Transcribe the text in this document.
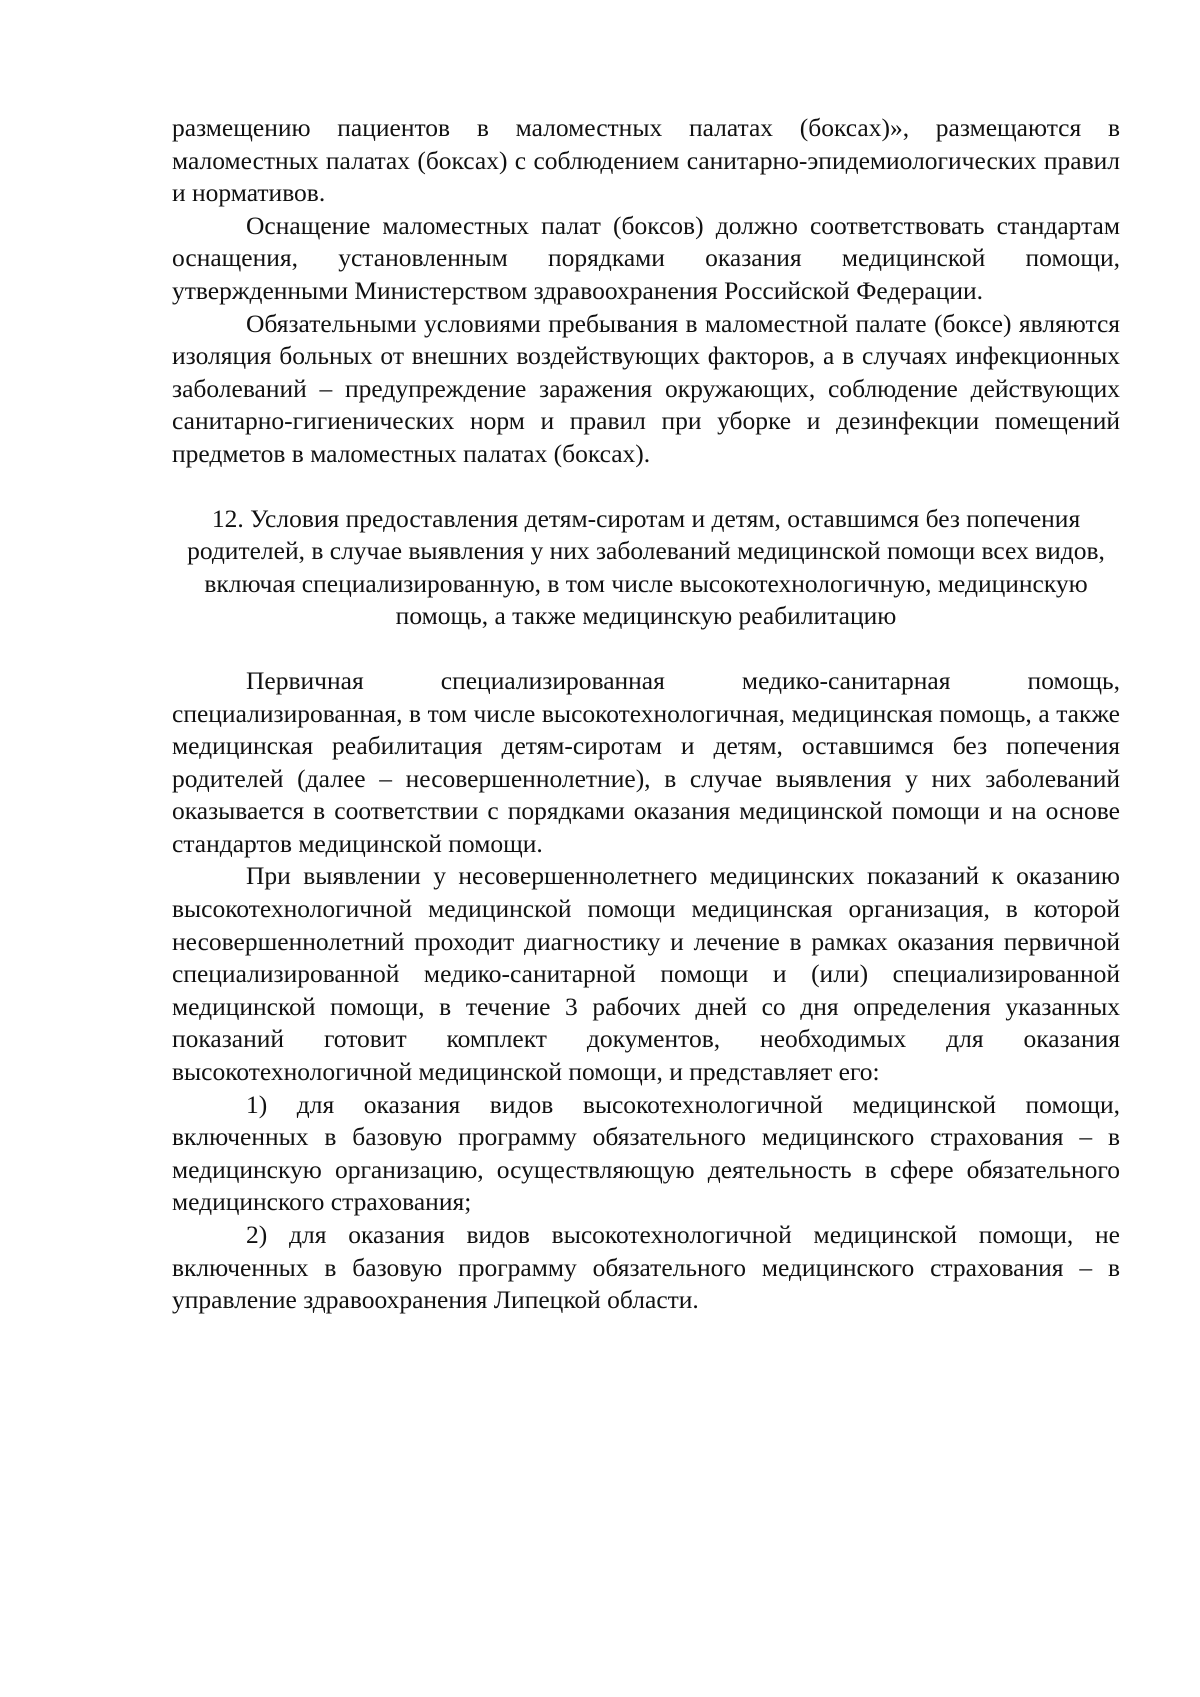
размещению пациентов в маломестных палатах (боксах)», размещаются в маломестных палатах (боксах) с соблюдением санитарно-эпидемиологических правил и нормативов.

Оснащение маломестных палат (боксов) должно соответствовать стандартам оснащения, установленным порядками оказания медицинской помощи, утвержденными Министерством здравоохранения Российской Федерации.

Обязательными условиями пребывания в маломестной палате (боксе) являются изоляция больных от внешних воздействующих факторов, а в случаях инфекционных заболеваний – предупреждение заражения окружающих, соблюдение действующих санитарно-гигиенических норм и правил при уборке и дезинфекции помещений предметов в маломестных палатах (боксах).

12. Условия предоставления детям-сиротам и детям, оставшимся без попечения родителей, в случае выявления у них заболеваний медицинской помощи всех видов, включая специализированную, в том числе высокотехнологичную, медицинскую помощь, а также медицинскую реабилитацию

Первичная специализированная медико-санитарная помощь, специализированная, в том числе высокотехнологичная, медицинская помощь, а также медицинская реабилитация детям-сиротам и детям, оставшимся без попечения родителей (далее – несовершеннолетние), в случае выявления у них заболеваний оказывается в соответствии с порядками оказания медицинской помощи и на основе стандартов медицинской помощи.

При выявлении у несовершеннолетнего медицинских показаний к оказанию высокотехнологичной медицинской помощи медицинская организация, в которой несовершеннолетний проходит диагностику и лечение в рамках оказания первичной специализированной медико-санитарной помощи и (или) специализированной медицинской помощи, в течение 3 рабочих дней со дня определения указанных показаний готовит комплект документов, необходимых для оказания высокотехнологичной медицинской помощи, и представляет его:

1) для оказания видов высокотехнологичной медицинской помощи, включенных в базовую программу обязательного медицинского страхования – в медицинскую организацию, осуществляющую деятельность в сфере обязательного медицинского страхования;

2) для оказания видов высокотехнологичной медицинской помощи, не включенных в базовую программу обязательного медицинского страхования – в управление здравоохранения Липецкой области.
